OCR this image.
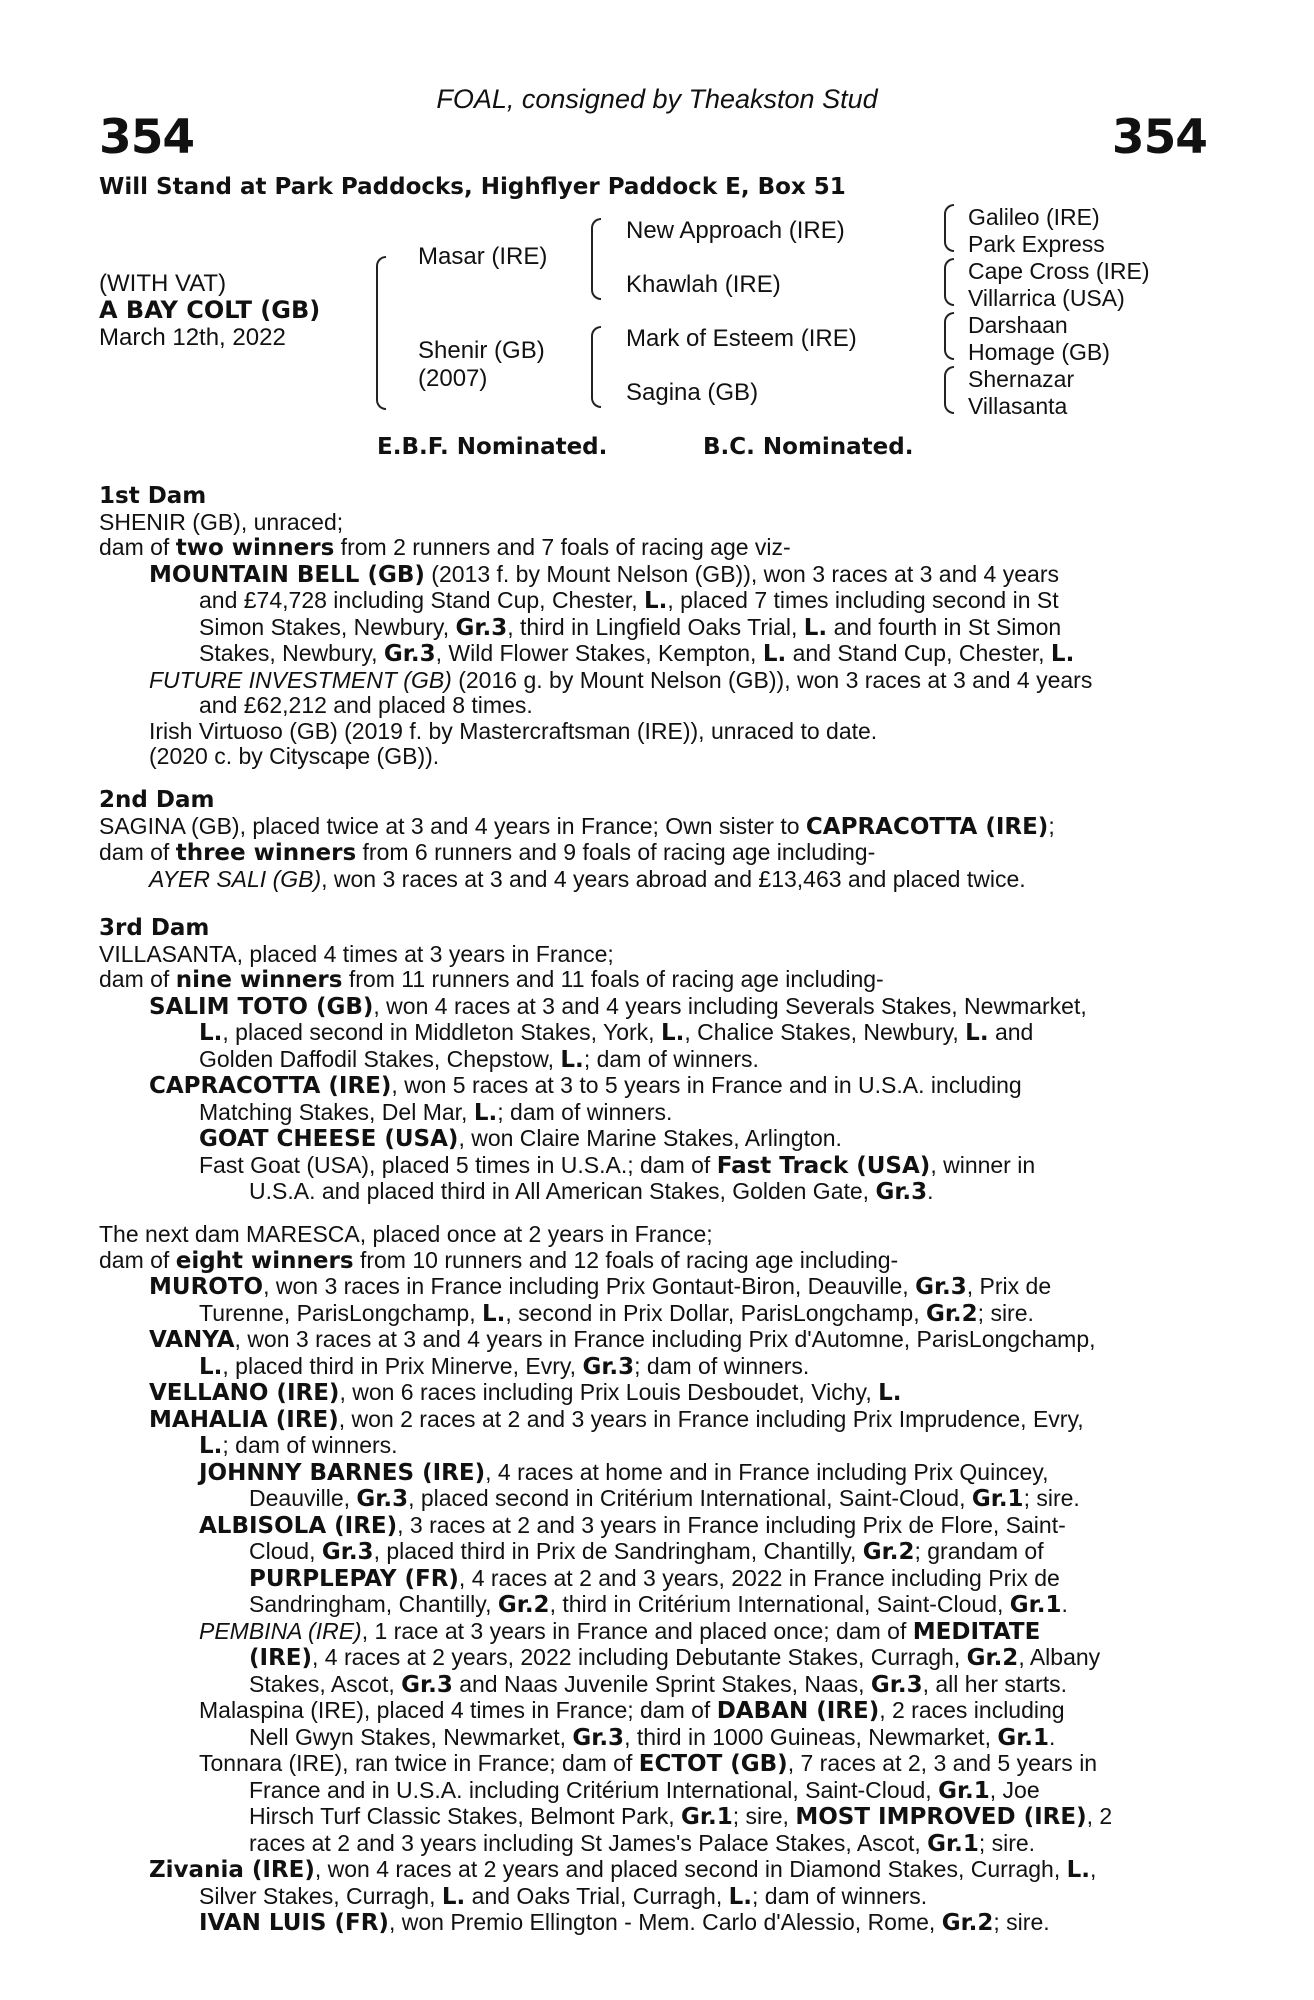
FOAL, consigned by Theakston Stud
354	354
Will Stand at Park Paddocks, Highflyer Paddock E, Box 51
(WITH VAT)
A BAY COLT (GB)
March 12th, 2022
Masar (IRE)
Shenir (GB)
(2007)
New Approach (IRE)
Khawlah (IRE)
Mark of Esteem (IRE)
Sagina (GB)
Galileo (IRE)
Park Express
Cape Cross (IRE)
Villarrica (USA)
Darshaan
Homage (GB)
Shernazar
Villasanta
E.B.F. Nominated.	B.C. Nominated.

1st Dam

SHENIR (GB), unraced;

dam of two winners from 2 runners and 7 foals of racing age viz-

MOUNTAIN BELL (GB) (2013 f. by Mount Nelson (GB)), won 3 races at 3 and 4 years

and £74,728 including Stand Cup, Chester, L., placed 7 times including second in St

Simon Stakes, Newbury, Gr.3, third in Lingfield Oaks Trial, L. and fourth in St Simon

Stakes, Newbury, Gr.3, Wild Flower Stakes, Kempton, L. and Stand Cup, Chester, L.

FUTURE INVESTMENT (GB) (2016 g. by Mount Nelson (GB)), won 3 races at 3 and 4 years

and £62,212 and placed 8 times.

Irish Virtuoso (GB) (2019 f. by Mastercraftsman (IRE)), unraced to date.

(2020 c. by Cityscape (GB)).

2nd Dam

SAGINA (GB), placed twice at 3 and 4 years in France; Own sister to CAPRACOTTA (IRE);

dam of three winners from 6 runners and 9 foals of racing age including-

AYER SALI (GB), won 3 races at 3 and 4 years abroad and £13,463 and placed twice.

3rd Dam

VILLASANTA, placed 4 times at 3 years in France;

dam of nine winners from 11 runners and 11 foals of racing age including-

SALIM TOTO (GB), won 4 races at 3 and 4 years including Severals Stakes, Newmarket,

L., placed second in Middleton Stakes, York, L., Chalice Stakes, Newbury, L. and

Golden Daffodil Stakes, Chepstow, L.; dam of winners.

CAPRACOTTA (IRE), won 5 races at 3 to 5 years in France and in U.S.A. including

Matching Stakes, Del Mar, L.; dam of winners.

GOAT CHEESE (USA), won Claire Marine Stakes, Arlington.

Fast Goat (USA), placed 5 times in U.S.A.; dam of Fast Track (USA), winner in

U.S.A. and placed third in All American Stakes, Golden Gate, Gr.3.

The next dam MARESCA, placed once at 2 years in France;

dam of eight winners from 10 runners and 12 foals of racing age including-

MUROTO, won 3 races in France including Prix Gontaut-Biron, Deauville, Gr.3, Prix de

Turenne, ParisLongchamp, L., second in Prix Dollar, ParisLongchamp, Gr.2; sire.

VANYA, won 3 races at 3 and 4 years in France including Prix d'Automne, ParisLongchamp,

L., placed third in Prix Minerve, Evry, Gr.3; dam of winners.

VELLANO (IRE), won 6 races including Prix Louis Desboudet, Vichy, L.

MAHALIA (IRE), won 2 races at 2 and 3 years in France including Prix Imprudence, Evry,

L.; dam of winners.

JOHNNY BARNES (IRE), 4 races at home and in France including Prix Quincey,

Deauville, Gr.3, placed second in Critérium International, Saint-Cloud, Gr.1; sire.

ALBISOLA (IRE), 3 races at 2 and 3 years in France including Prix de Flore, Saint-

Cloud, Gr.3, placed third in Prix de Sandringham, Chantilly, Gr.2; grandam of

PURPLEPAY (FR), 4 races at 2 and 3 years, 2022 in France including Prix de

Sandringham, Chantilly, Gr.2, third in Critérium International, Saint-Cloud, Gr.1.

PEMBINA (IRE), 1 race at 3 years in France and placed once; dam of MEDITATE

(IRE), 4 races at 2 years, 2022 including Debutante Stakes, Curragh, Gr.2, Albany

Stakes, Ascot, Gr.3 and Naas Juvenile Sprint Stakes, Naas, Gr.3, all her starts.

Malaspina (IRE), placed 4 times in France; dam of DABAN (IRE), 2 races including

Nell Gwyn Stakes, Newmarket, Gr.3, third in 1000 Guineas, Newmarket, Gr.1.

Tonnara (IRE), ran twice in France; dam of ECTOT (GB), 7 races at 2, 3 and 5 years in

France and in U.S.A. including Critérium International, Saint-Cloud, Gr.1, Joe

Hirsch Turf Classic Stakes, Belmont Park, Gr.1; sire, MOST IMPROVED (IRE), 2

races at 2 and 3 years including St James's Palace Stakes, Ascot, Gr.1; sire.

Zivania (IRE), won 4 races at 2 years and placed second in Diamond Stakes, Curragh, L.,

Silver Stakes, Curragh, L. and Oaks Trial, Curragh, L.; dam of winners.

IVAN LUIS (FR), won Premio Ellington - Mem. Carlo d'Alessio, Rome, Gr.2; sire.
